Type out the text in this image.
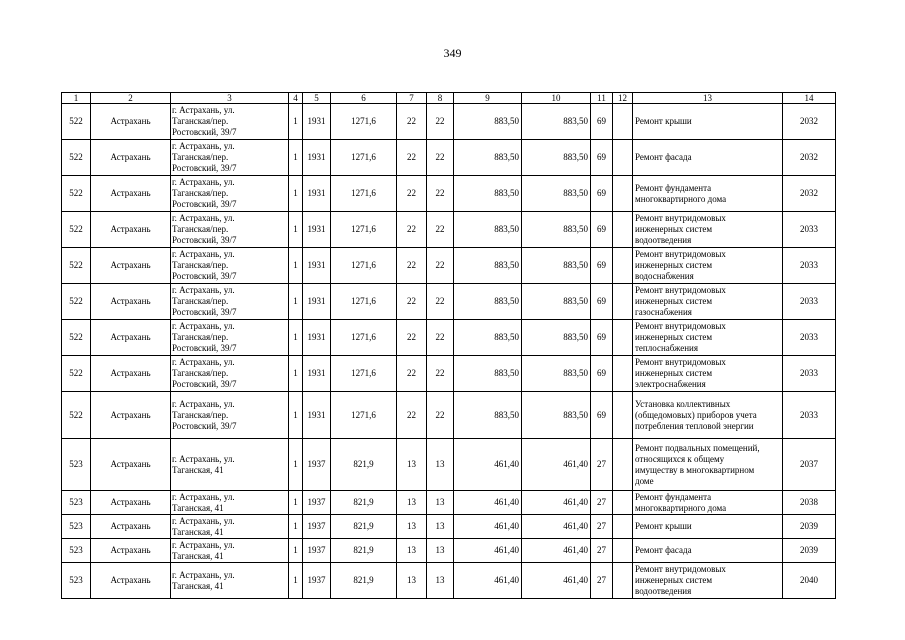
349
1	2	3	4	5	6	7	8	9	10	11	12	13	14
522	Астрахань	г. Астрахань, ул.
Таганская/пер.
Ростовский, 39/7	1	1931	1271,6	22	22	883,50	883,50	69		Ремонт крыши	2032
522	Астрахань	г. Астрахань, ул.
Таганская/пер.
Ростовский, 39/7	1	1931	1271,6	22	22	883,50	883,50	69		Ремонт фасада	2032
522	Астрахань	г. Астрахань, ул.
Таганская/пер.
Ростовский, 39/7	1	1931	1271,6	22	22	883,50	883,50	69		Ремонт фундамента
многоквартирного дома	2032
522	Астрахань	г. Астрахань, ул.
Таганская/пер.
Ростовский, 39/7	1	1931	1271,6	22	22	883,50	883,50	69		Ремонт внутридомовых
инженерных систем
водоотведения	2033
522	Астрахань	г. Астрахань, ул.
Таганская/пер.
Ростовский, 39/7	1	1931	1271,6	22	22	883,50	883,50	69		Ремонт внутридомовых
инженерных систем
водоснабжения	2033
522	Астрахань	г. Астрахань, ул.
Таганская/пер.
Ростовский, 39/7	1	1931	1271,6	22	22	883,50	883,50	69		Ремонт внутридомовых
инженерных систем
газоснабжения	2033
522	Астрахань	г. Астрахань, ул.
Таганская/пер.
Ростовский, 39/7	1	1931	1271,6	22	22	883,50	883,50	69		Ремонт внутридомовых
инженерных систем
теплоснабжения	2033
522	Астрахань	г. Астрахань, ул.
Таганская/пер.
Ростовский, 39/7	1	1931	1271,6	22	22	883,50	883,50	69		Ремонт внутридомовых
инженерных систем
электроснабжения	2033
522	Астрахань	г. Астрахань, ул.
Таганская/пер.
Ростовский, 39/7	1	1931	1271,6	22	22	883,50	883,50	69		Установка коллективных
(общедомовых) приборов учета
потребления тепловой энергии	2033
523	Астрахань	г. Астрахань, ул.
Таганская, 41	1	1937	821,9	13	13	461,40	461,40	27		Ремонт подвальных помещений,
относящихся к общему
имуществу в многоквартирном
доме	2037
523	Астрахань	г. Астрахань, ул.
Таганская, 41	1	1937	821,9	13	13	461,40	461,40	27		Ремонт фундамента
многоквартирного дома	2038
523	Астрахань	г. Астрахань, ул.
Таганская, 41	1	1937	821,9	13	13	461,40	461,40	27		Ремонт крыши	2039
523	Астрахань	г. Астрахань, ул.
Таганская, 41	1	1937	821,9	13	13	461,40	461,40	27		Ремонт фасада	2039
523	Астрахань	г. Астрахань, ул.
Таганская, 41	1	1937	821,9	13	13	461,40	461,40	27		Ремонт внутридомовых
инженерных систем
водоотведения	2040
